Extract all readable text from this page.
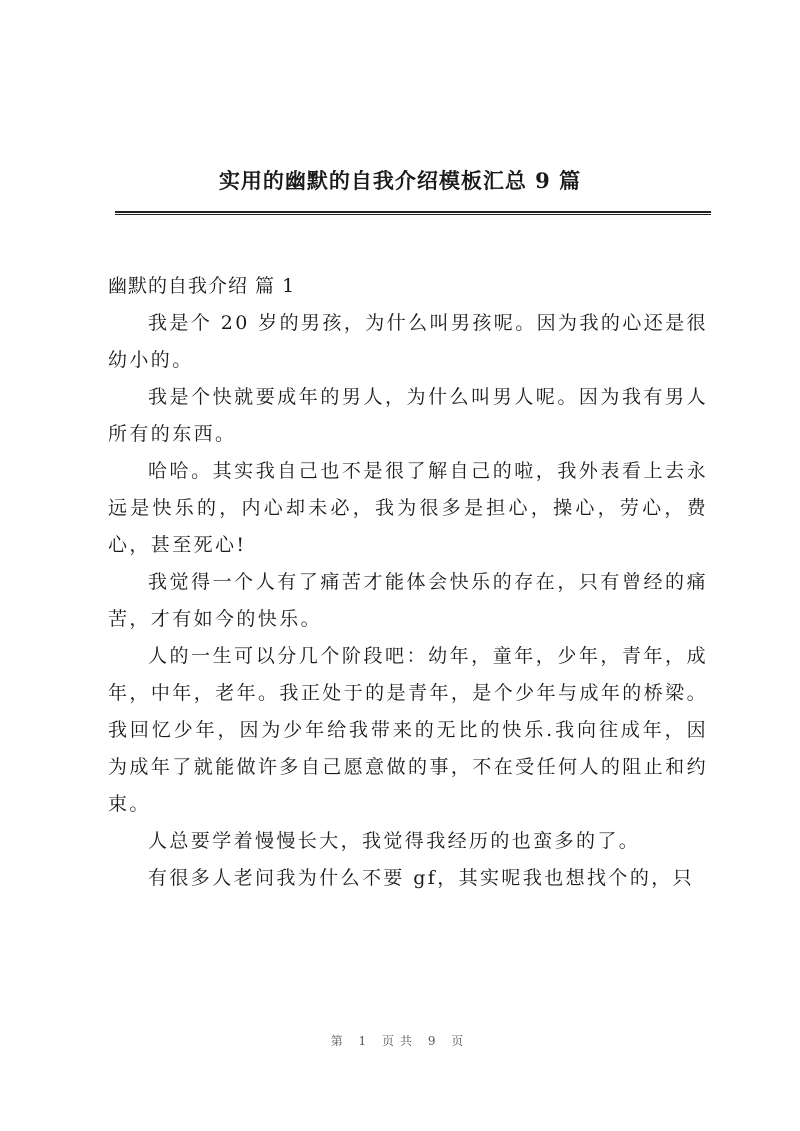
实用的幽默的自我介绍模板汇总 9 篇

幽默的自我介绍 篇 1

我是个 20 岁的男孩，为什么叫男孩呢。因为我的心还是很幼小的。

我是个快就要成年的男人，为什么叫男人呢。因为我有男人所有的东西。

哈哈。其实我自己也不是很了解自己的啦，我外表看上去永远是快乐的，内心却未必，我为很多是担心，操心，劳心，费心，甚至死心!

我觉得一个人有了痛苦才能体会快乐的存在，只有曾经的痛苦，才有如今的快乐。

人的一生可以分几个阶段吧：幼年，童年，少年，青年，成年，中年，老年。我正处于的是青年，是个少年与成年的桥梁。我回忆少年，因为少年给我带来的无比的快乐.我向往成年，因为成年了就能做许多自己愿意做的事，不在受任何人的阻止和约束。

人总要学着慢慢长大，我觉得我经历的也蛮多的了。

有很多人老问我为什么不要 gf，其实呢我也想找个的，只

第 1 页共 9 页
